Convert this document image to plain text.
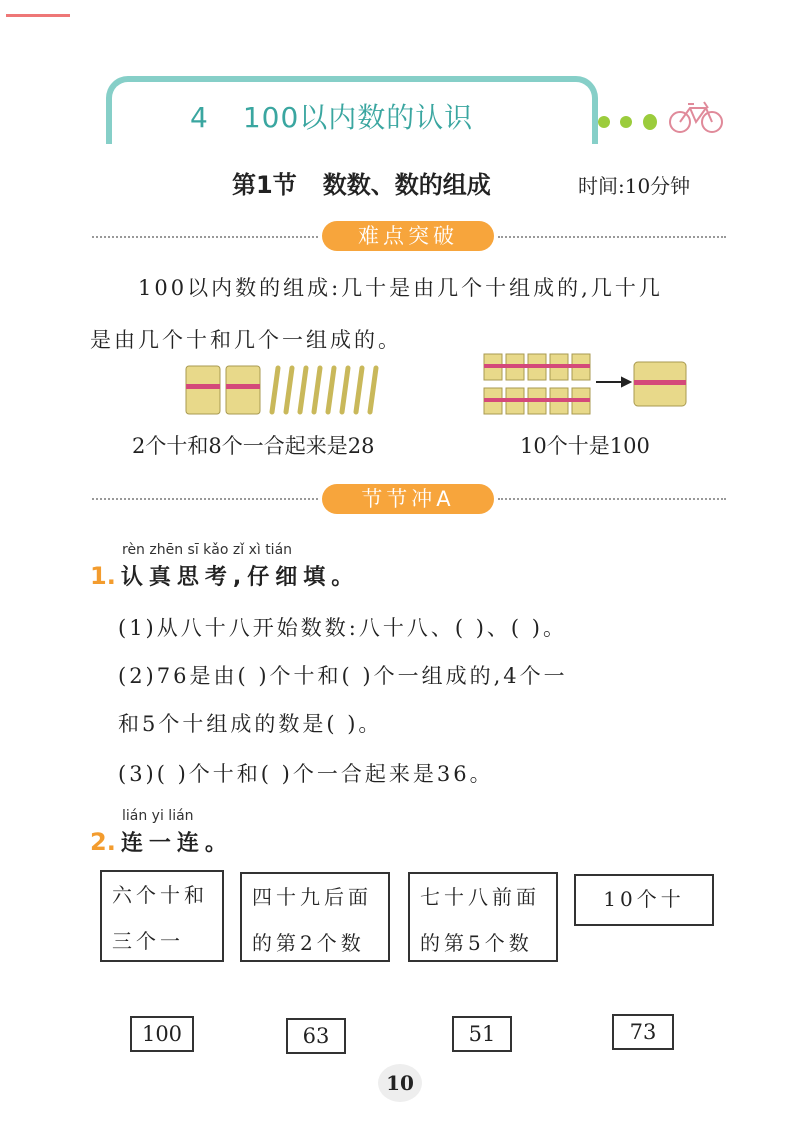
4 100以内数的认识
第1节 数数、数的组成	时间:10分钟
难点突破
100以内数的组成:几十是由几个十组成的,几十几
是由几个十和几个一组成的。
2个十和8个一合起来是28	10个十是100
节节冲A
rèn zhēn sī kǎo zǐ xì tián
1. 认真思考,仔细填。
(1)从八十八开始数数:八十八、( )、( )。
(2)76是由( )个十和( )个一组成的,4个一
和5个十组成的数是( )。
(3)( )个十和( )个一合起来是36。
lián yi lián
2. 连一连。
六个十和
三个一
四十九后面
的第2个数
七十八前面
的第5个数
10个十
100	63	51	73
10
